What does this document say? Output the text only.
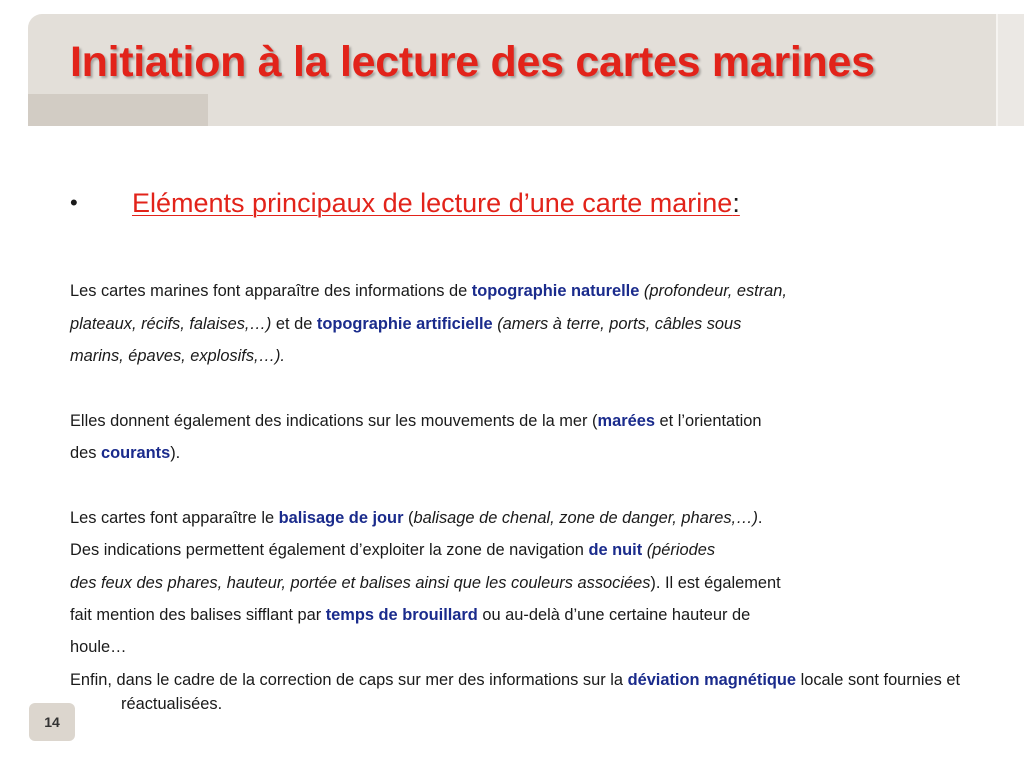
Initiation à la lecture des cartes marines
• Eléments principaux de lecture d’une carte marine:
Les cartes marines font apparaître des informations de topographie naturelle (profondeur, estran,
plateaux, récifs, falaises,…) et de topographie artificielle (amers à terre, ports, câbles sous
marins, épaves, explosifs,…).
Elles donnent également des indications sur les mouvements de la mer (marées et l’orientation
des courants).
Les cartes font apparaître le balisage de jour (balisage de chenal, zone de danger, phares,…).
Des indications permettent également d’exploiter la zone de navigation de nuit (périodes
des feux des phares, hauteur, portée et balises ainsi que les couleurs associées). Il est également
fait mention des balises sifflant par temps de brouillard ou au-delà d’une certaine hauteur de
houle…
Enfin, dans le cadre de la correction de caps sur mer des informations sur la déviation magnétique locale sont fournies et réactualisées.
14
